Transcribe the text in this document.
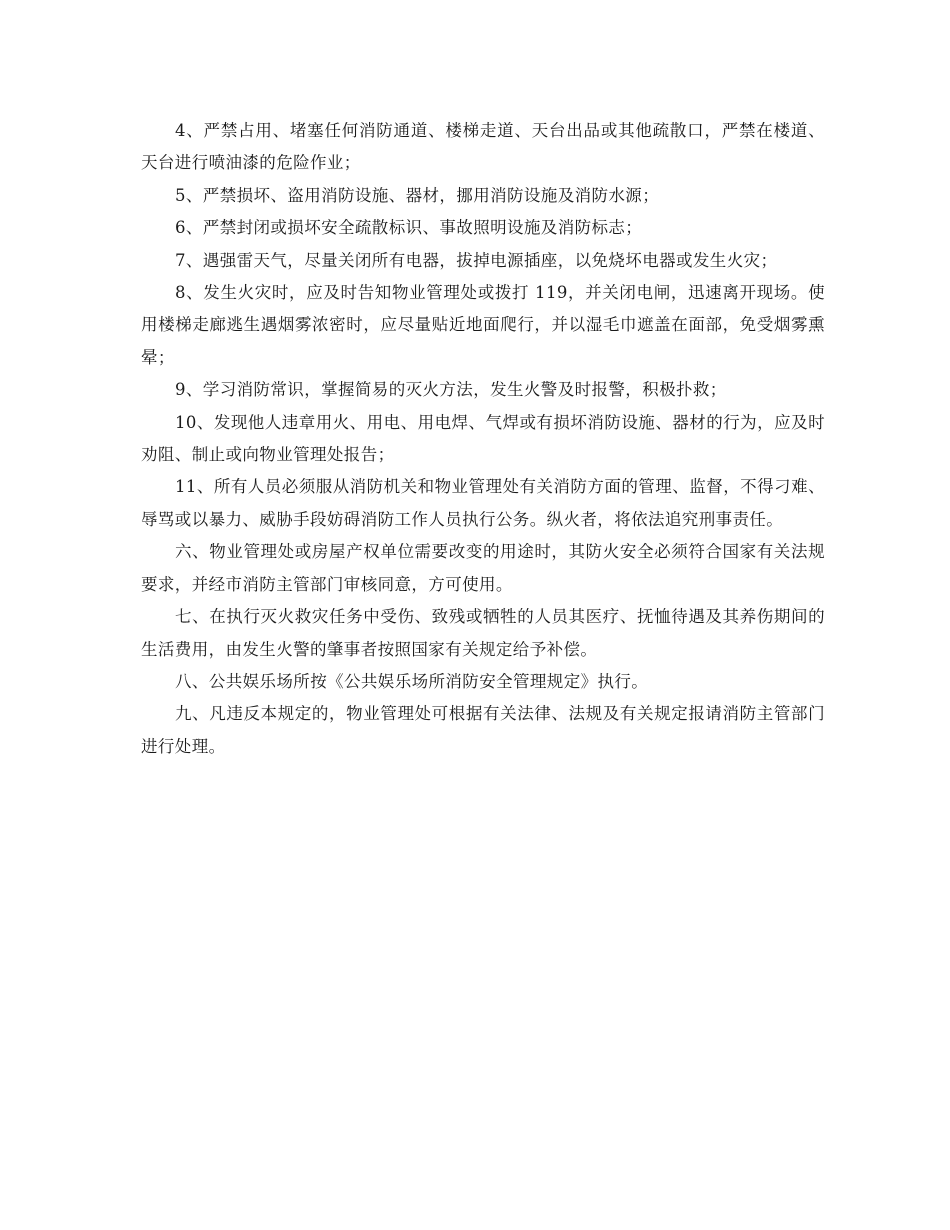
4、严禁占用、堵塞任何消防通道、楼梯走道、天台出品或其他疏散口，严禁在楼道、天台进行喷油漆的危险作业；

5、严禁损坏、盗用消防设施、器材，挪用消防设施及消防水源；

6、严禁封闭或损坏安全疏散标识、事故照明设施及消防标志；

7、遇强雷天气，尽量关闭所有电器，拔掉电源插座，以免烧坏电器或发生火灾；

8、发生火灾时，应及时告知物业管理处或拨打 119，并关闭电闸，迅速离开现场。使用楼梯走廊逃生遇烟雾浓密时，应尽量贴近地面爬行，并以湿毛巾遮盖在面部，免受烟雾熏晕；

9、学习消防常识，掌握简易的灭火方法，发生火警及时报警，积极扑救；

10、发现他人违章用火、用电、用电焊、气焊或有损坏消防设施、器材的行为，应及时劝阻、制止或向物业管理处报告；

11、所有人员必须服从消防机关和物业管理处有关消防方面的管理、监督，不得刁难、辱骂或以暴力、威胁手段妨碍消防工作人员执行公务。纵火者，将依法追究刑事责任。

六、物业管理处或房屋产权单位需要改变的用途时，其防火安全必须符合国家有关法规要求，并经市消防主管部门审核同意，方可使用。

七、在执行灭火救灾任务中受伤、致残或牺牲的人员其医疗、抚恤待遇及其养伤期间的生活费用，由发生火警的肇事者按照国家有关规定给予补偿。

八、公共娱乐场所按《公共娱乐场所消防安全管理规定》执行。

九、凡违反本规定的，物业管理处可根据有关法律、法规及有关规定报请消防主管部门进行处理。
